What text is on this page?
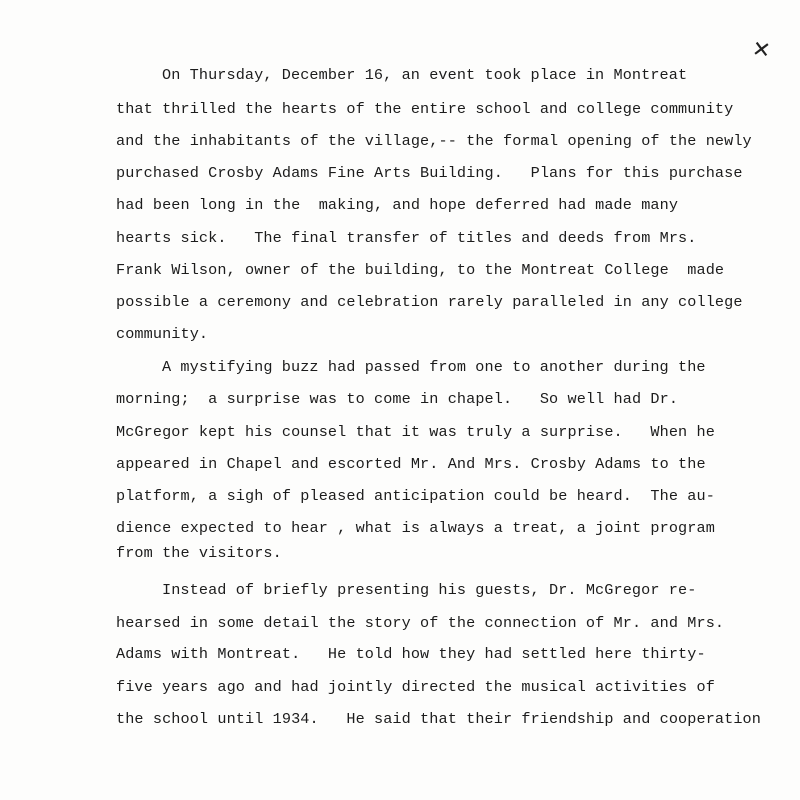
✕
On Thursday, December 16, an event took place in Montreat
that thrilled the hearts of the entire school and college community
and the inhabitants of the village,-- the formal opening of the newly
purchased Crosby Adams Fine Arts Building.   Plans for this purchase
had been long in the  making, and hope deferred had made many
hearts sick.   The final transfer of titles and deeds from Mrs.
Frank Wilson, owner of the building, to the Montreat College  made
possible a ceremony and celebration rarely paralleled in any college
community.
A mystifying buzz had passed from one to another during the
morning;  a surprise was to come in chapel.   So well had Dr.
McGregor kept his counsel that it was truly a surprise.   When he
appeared in Chapel and escorted Mr. And Mrs. Crosby Adams to the
platform, a sigh of pleased anticipation could be heard.  The au-
dience expected to hear , what is always a treat, a joint program
from the visitors.
Instead of briefly presenting his guests, Dr. McGregor re-
hearsed in some detail the story of the connection of Mr. and Mrs.
Adams with Montreat.   He told how they had settled here thirty-
five years ago and had jointly directed the musical activities of
the school until 1934.   He said that their friendship and cooperation
